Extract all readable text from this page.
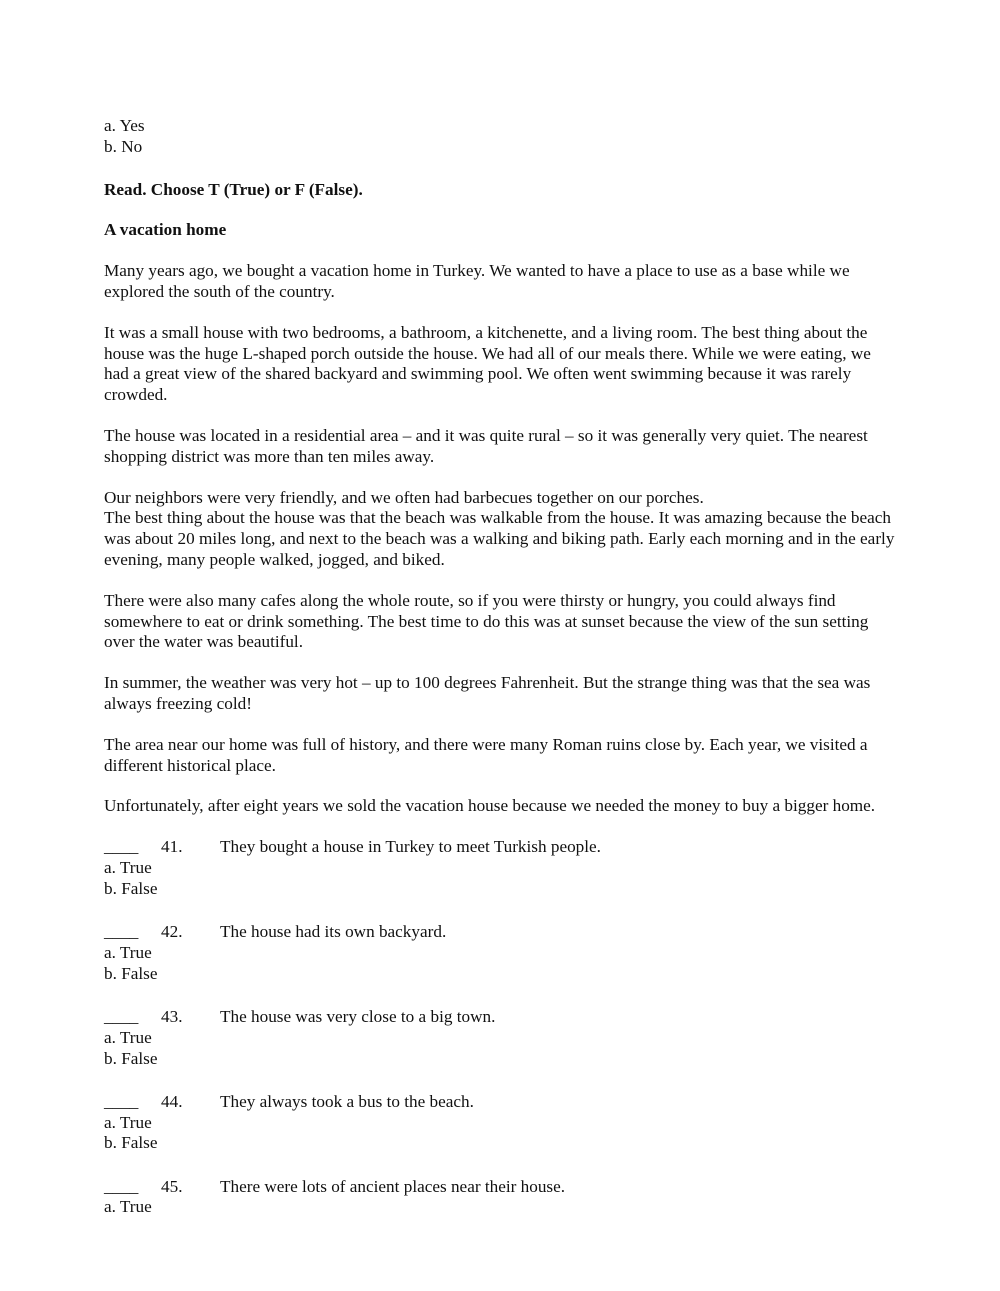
a. Yes

b. No

Read. Choose T (True) or F (False).
A vacation home

Many years ago, we bought a vacation home in Turkey. We wanted to have a place to use as a base while we explored the south of the country.

It was a small house with two bedrooms, a bathroom, a kitchenette, and a living room. The best thing about the house was the huge L-shaped porch outside the house. We had all of our meals there. While we were eating, we had a great view of the shared backyard and swimming pool. We often went swimming because it was rarely crowded.

The house was located in a residential area – and it was quite rural – so it was generally very quiet. The nearest shopping district was more than ten miles away.

Our neighbors were very friendly, and we often had barbecues together on our porches.

The best thing about the house was that the beach was walkable from the house. It was amazing because the beach was about 20 miles long, and next to the beach was a walking and biking path. Early each morning and in the early evening, many people walked, jogged, and biked.

There were also many cafes along the whole route, so if you were thirsty or hungry, you could always find somewhere to eat or drink something. The best time to do this was at sunset because the view of the sun setting over the water was beautiful.

In summer, the weather was very hot – up to 100 degrees Fahrenheit. But the strange thing was that the sea was always freezing cold!

The area near our home was full of history, and there were many Roman ruins close by. Each year, we visited a different historical place.

Unfortunately, after eight years we sold the vacation house because we needed the money to buy a bigger home.

____ 41. They bought a house in Turkey to meet Turkish people.

a. True

b. False

____ 42. The house had its own backyard.

a. True

b. False

____ 43. The house was very close to a big town.

a. True

b. False

____ 44. They always took a bus to the beach.

a. True

b. False

____ 45. There were lots of ancient places near their house.

a. True
